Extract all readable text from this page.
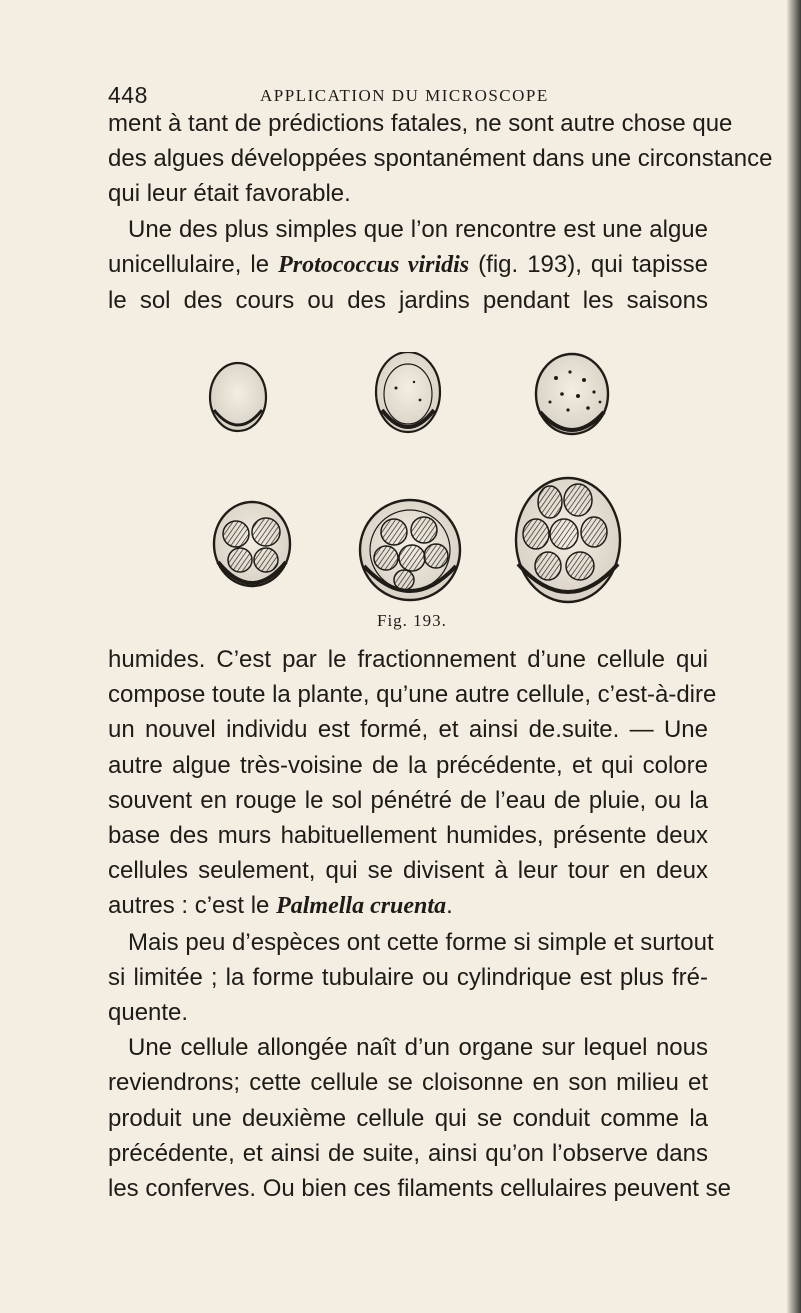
448	APPLICATION DU MICROSCOPE

ment à tant de prédictions fatales, ne sont autre chose que
des algues développées spontanément dans une circonstance
qui leur était favorable.

Une des plus simples que l’on rencontre est une algue
unicellulaire, le Protococcus viridis (fig. 193), qui tapisse
le sol des cours ou des jardins pendant les saisons

Fig. 193.

humides. C’est par le fractionnement d’une cellule qui
compose toute la plante, qu’une autre cellule, c’est-à-dire
un nouvel individu est formé, et ainsi de.suite. — Une
autre algue très-voisine de la précédente, et qui colore
souvent en rouge le sol pénétré de l’eau de pluie, ou la
base des murs habituellement humides, présente deux
cellules seulement, qui se divisent à leur tour en deux
autres : c’est le Palmella cruenta.

Mais peu d’espèces ont cette forme si simple et surtout
si limitée ; la forme tubulaire ou cylindrique est plus fré-
quente.

Une cellule allongée naît d’un organe sur lequel nous
reviendrons; cette cellule se cloisonne en son milieu et
produit une deuxième cellule qui se conduit comme la
précédente, et ainsi de suite, ainsi qu’on l’observe dans
les conferves. Ou bien ces filaments cellulaires peuvent se
